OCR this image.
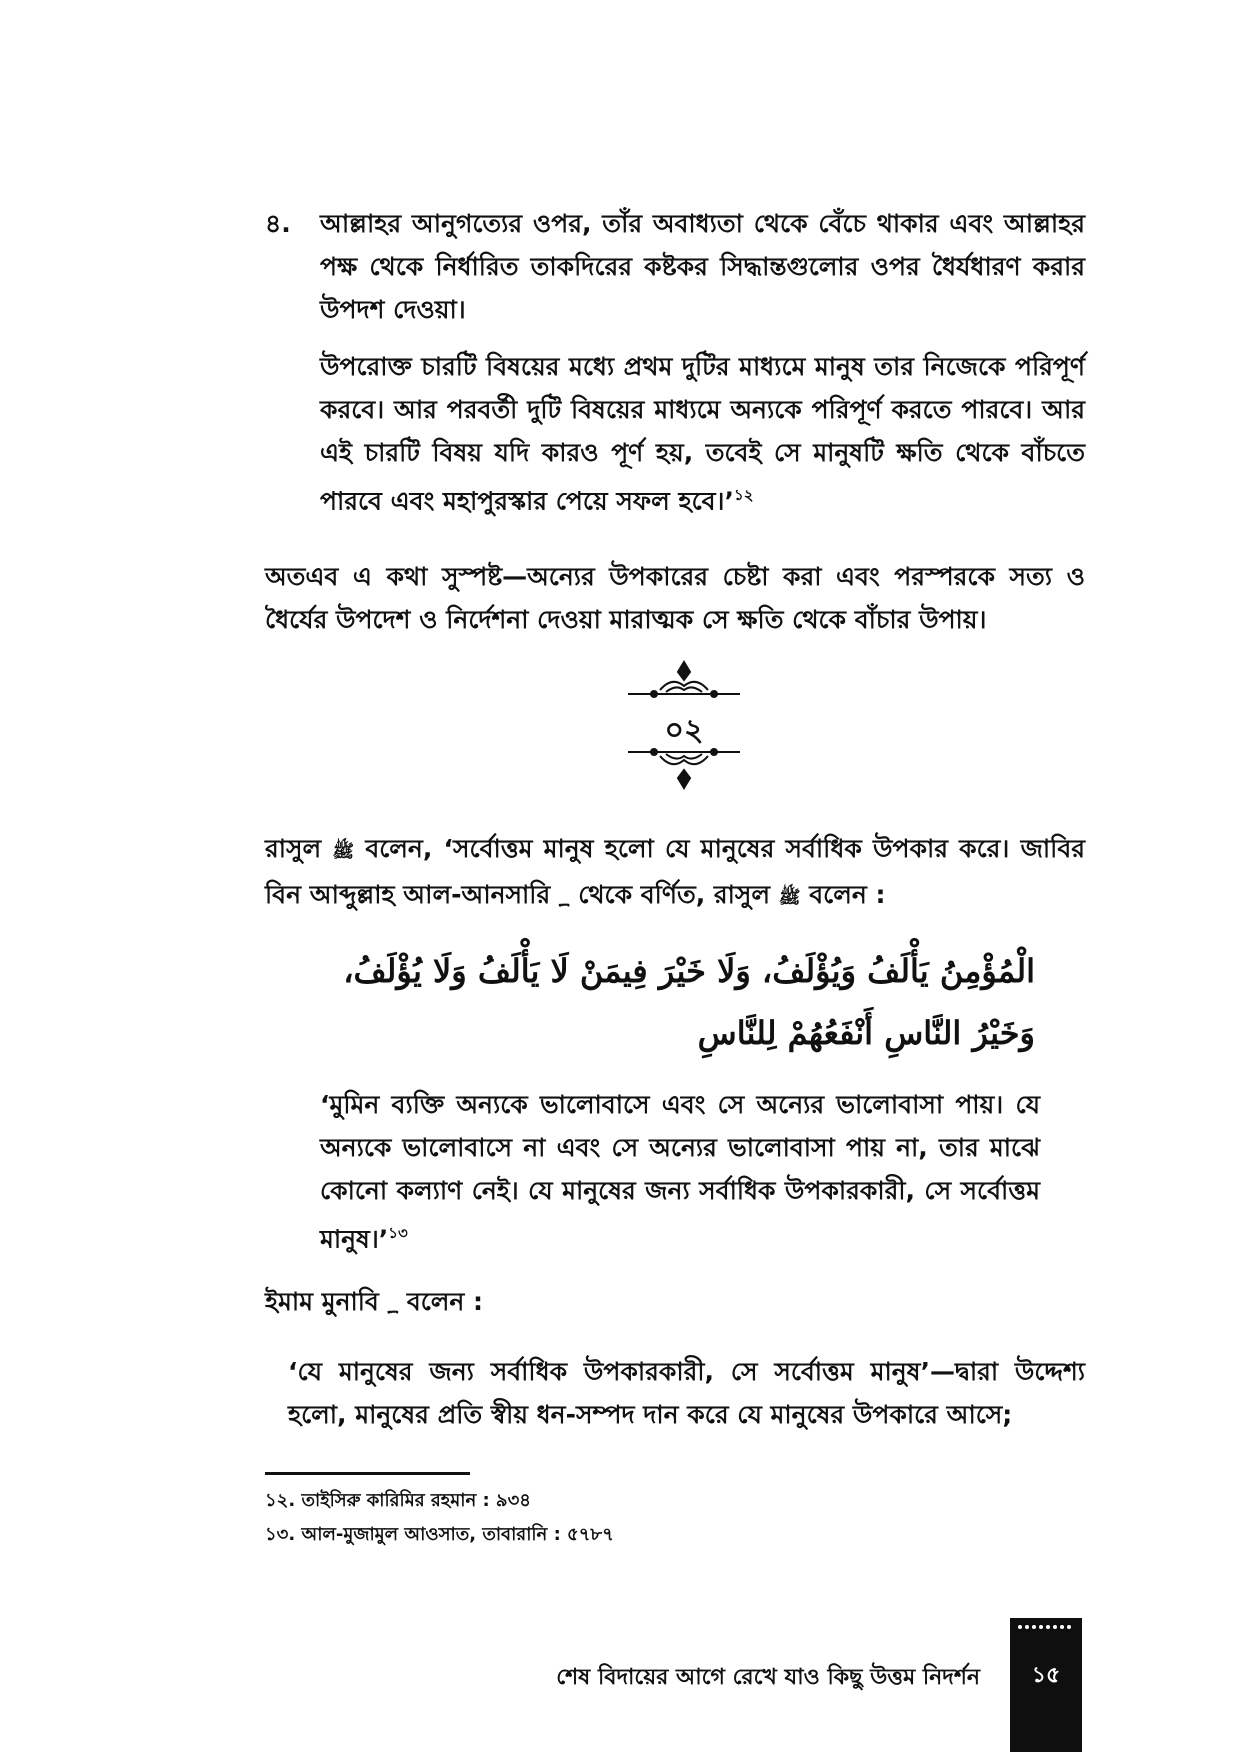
৪. আল্লাহর আনুগত্যের ওপর, তাঁর অবাধ্যতা থেকে বেঁচে থাকার এবং আল্লাহর পক্ষ থেকে নির্ধারিত তাকদিরের কষ্টকর সিদ্ধান্তগুলোর ওপর ধৈর্যধারণ করার উপদশ দেওয়া।

উপরোক্ত চারটি বিষয়ের মধ্যে প্রথম দুটির মাধ্যমে মানুষ তার নিজেকে পরিপূর্ণ করবে। আর পরবর্তী দুটি বিষয়ের মাধ্যমে অন্যকে পরিপূর্ণ করতে পারবে। আর এই চারটি বিষয় যদি কারও পূর্ণ হয়, তবেই সে মানুষটি ক্ষতি থেকে বাঁচতে পারবে এবং মহাপুরস্কার পেয়ে সফল হবে।’$^{১২}$

অতএব এ কথা সুস্পষ্ট—অন্যের উপকারের চেষ্টা করা এবং পরস্পরকে সত্য ও ধৈর্যের উপদেশ ও নির্দেশনা দেওয়া মারাত্মক সে ক্ষতি থেকে বাঁচার উপায়।

০২

রাসুল ﷺ বলেন, ‘সর্বোত্তম মানুষ হলো যে মানুষের সর্বাধিক উপকার করে। জাবির বিন আব্দুল্লাহ আল-আনসারি ؁ থেকে বর্ণিত, রাসুল ﷺ বলেন :

الْمُؤْمِنُ يَأْلَفُ وَيُؤْلَفُ، وَلَا خَيْرَ فِيمَنْ لَا يَأْلَفُ وَلَا يُؤْلَفُ، وَخَيْرُ النَّاسِ أَنْفَعُهُمْ لِلنَّاسِ

‘মুমিন ব্যক্তি অন্যকে ভালোবাসে এবং সে অন্যের ভালোবাসা পায়। যে অন্যকে ভালোবাসে না এবং সে অন্যের ভালোবাসা পায় না, তার মাঝে কোনো কল্যাণ নেই। যে মানুষের জন্য সর্বাধিক উপকারকারী, সে সর্বোত্তম মানুষ।’$^{১৩}$

ইমাম মুনাবি ؁ বলেন :

‘যে মানুষের জন্য সর্বাধিক উপকারকারী, সে সর্বোত্তম মানুষ’—দ্বারা উদ্দেশ্য হলো, মানুষের প্রতি স্বীয় ধন-সম্পদ দান করে যে মানুষের উপকারে আসে;

১২. তাইসিরু কারিমির রহমান : ৯৩৪
১৩. আল-মুজামুল আওসাত, তাবারানি : ৫৭৮৭
শেষ বিদায়ের আগে রেখে যাও কিছু উত্তম নিদর্শন	১৫
